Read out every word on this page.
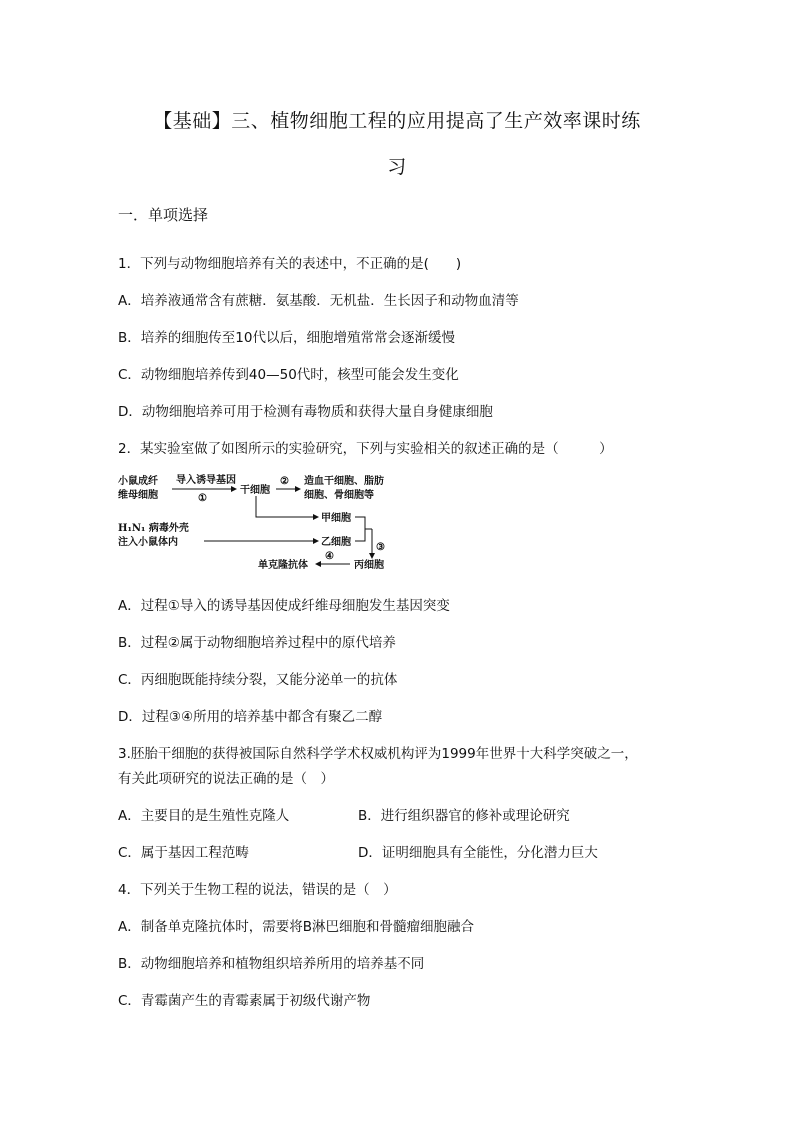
【基础】三、植物细胞工程的应用提高了生产效率课时练
习
一．单项选择
1．下列与动物细胞培养有关的表述中，不正确的是(　　)
A．培养液通常含有蔗糖．氨基酸．无机盐．生长因子和动物血清等
B．培养的细胞传至10代以后，细胞增殖常常会逐渐缓慢
C．动物细胞培养传到40—50代时，核型可能会发生变化
D．动物细胞培养可用于检测有毒物质和获得大量自身健康细胞
2．某实验室做了如图所示的实验研究，下列与实验相关的叙述正确的是（　　　）
小鼠成纤
维母细胞
导入诱导基因
①
干细胞
② 造血干细胞、脂肪
细胞、骨细胞等
甲细胞
H₁N₁ 病毒外壳
注入小鼠体内	乙细胞	③
丙细胞
④
单克隆抗体
A．过程①导入的诱导基因使成纤维母细胞发生基因突变
B．过程②属于动物细胞培养过程中的原代培养
C．丙细胞既能持续分裂，又能分泌单一的抗体
D．过程③④所用的培养基中都含有聚乙二醇
3.胚胎干细胞的获得被国际自然科学学术权威机构评为1999年世界十大科学突破之一，
有关此项研究的说法正确的是（　）
A．主要目的是生殖性克隆人	B．进行组织器官的修补或理论研究
C．属于基因工程范畴	D．证明细胞具有全能性，分化潜力巨大
4．下列关于生物工程的说法，错误的是（　）
A．制备单克隆抗体时，需要将B淋巴细胞和骨髓瘤细胞融合
B．动物细胞培养和植物组织培养所用的培养基不同
C．青霉菌产生的青霉素属于初级代谢产物
